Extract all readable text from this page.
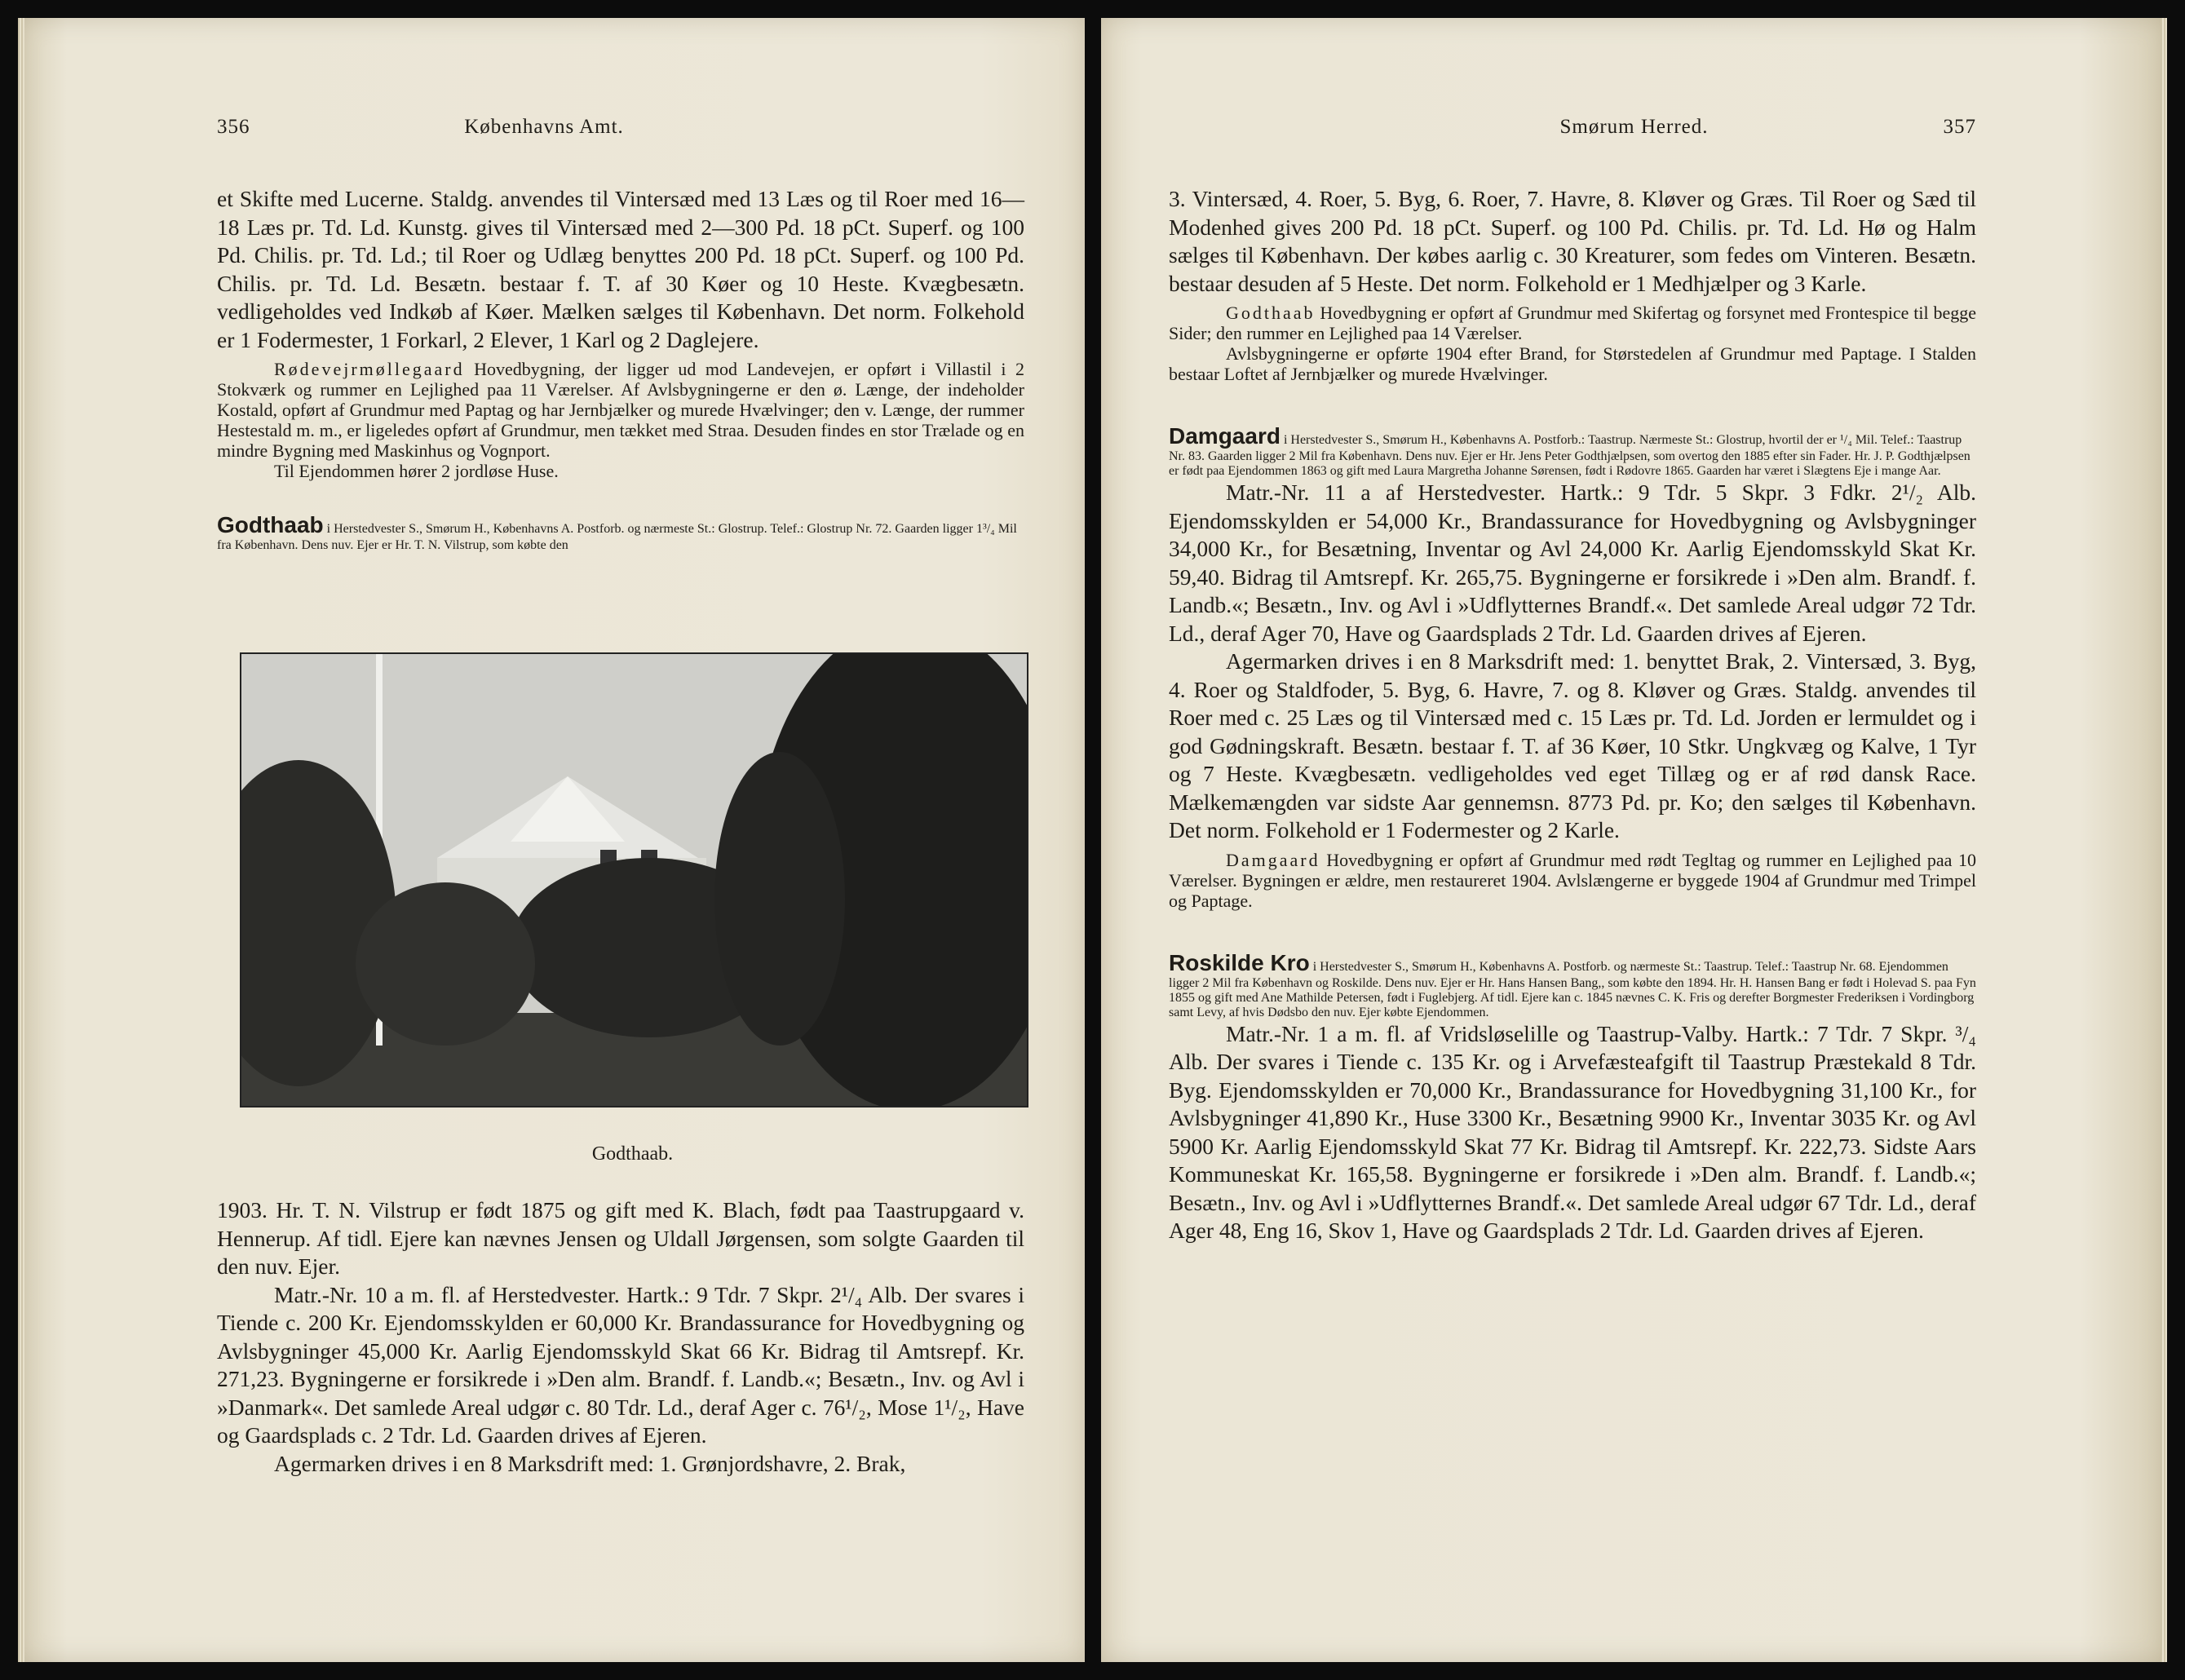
356	Københavns Amt.

et Skifte med Lucerne. Staldg. anvendes til Vintersæd med 13 Læs og til Roer med 16—18 Læs pr. Td. Ld. Kunstg. gives til Vintersæd med 2—300 Pd. 18 pCt. Superf. og 100 Pd. Chilis. pr. Td. Ld.; til Roer og Udlæg benyttes 200 Pd. 18 pCt. Superf. og 100 Pd. Chilis. pr. Td. Ld. Besætn. bestaar f. T. af 30 Køer og 10 Heste. Kvægbesætn. vedligeholdes ved Indkøb af Køer. Mælken sælges til København. Det norm. Folkehold er 1 Fodermester, 1 Forkarl, 2 Elever, 1 Karl og 2 Daglejere.

Rødevejrmøllegaard Hovedbygning, der ligger ud mod Landevejen, er opført i Villastil i 2 Stokværk og rummer en Lejlighed paa 11 Værelser. Af Avlsbygningerne er den ø. Længe, der indeholder Kostald, opført af Grundmur med Paptag og har Jernbjælker og murede Hvælvinger; den v. Længe, der rummer Hestestald m. m., er ligeledes opført af Grundmur, men tækket med Straa. Desuden findes en stor Trælade og en mindre Bygning med Maskinhus og Vognport.

Til Ejendommen hører 2 jordløse Huse.

Godthaab i Herstedvester S., Smørum H., Københavns A. Postforb. og nærmeste St.: Glostrup. Telef.: Glostrup Nr. 72. Gaarden ligger 1³/₄ Mil fra København. Dens nuv. Ejer er Hr. T. N. Vilstrup, som købte den

Godthaab.

1903. Hr. T. N. Vilstrup er født 1875 og gift med K. Blach, født paa Taastrupgaard v. Hennerup. Af tidl. Ejere kan nævnes Jensen og Uldall Jørgensen, som solgte Gaarden til den nuv. Ejer.

Matr.-Nr. 10 a m. fl. af Herstedvester. Hartk.: 9 Tdr. 7 Skpr. 2¹/₄ Alb. Der svares i Tiende c. 200 Kr. Ejendomsskylden er 60,000 Kr. Brandassurance for Hovedbygning og Avlsbygninger 45,000 Kr. Aarlig Ejendomsskyld Skat 66 Kr. Bidrag til Amtsrepf. Kr. 271,23. Bygningerne er forsikrede i »Den alm. Brandf. f. Landb.«; Besætn., Inv. og Avl i »Danmark«. Det samlede Areal udgør c. 80 Tdr. Ld., deraf Ager c. 76¹/₂, Mose 1¹/₂, Have og Gaardsplads c. 2 Tdr. Ld. Gaarden drives af Ejeren.

Agermarken drives i en 8 Marksdrift med: 1. Grønjordshavre, 2. Brak,

Smørum Herred.	357

3. Vintersæd, 4. Roer, 5. Byg, 6. Roer, 7. Havre, 8. Kløver og Græs. Til Roer og Sæd til Modenhed gives 200 Pd. 18 pCt. Superf. og 100 Pd. Chilis. pr. Td. Ld. Hø og Halm sælges til København. Der købes aarlig c. 30 Kreaturer, som fedes om Vinteren. Besætn. bestaar desuden af 5 Heste. Det norm. Folkehold er 1 Medhjælper og 3 Karle.

Godthaab Hovedbygning er opført af Grundmur med Skifertag og forsynet med Frontespice til begge Sider; den rummer en Lejlighed paa 14 Værelser.

Avlsbygningerne er opførte 1904 efter Brand, for Størstedelen af Grundmur med Paptage. I Stalden bestaar Loftet af Jernbjælker og murede Hvælvinger.

Damgaard i Herstedvester S., Smørum H., Københavns A. Postforb.: Taastrup. Nærmeste St.: Glostrup, hvortil der er ¹/₄ Mil. Telef.: Taastrup Nr. 83. Gaarden ligger 2 Mil fra København. Dens nuv. Ejer er Hr. Jens Peter Godthjælpsen, som overtog den 1885 efter sin Fader. Hr. J. P. Godthjælpsen er født paa Ejendommen 1863 og gift med Laura Margretha Johanne Sørensen, født i Rødovre 1865. Gaarden har været i Slægtens Eje i mange Aar.

Matr.-Nr. 11 a af Herstedvester. Hartk.: 9 Tdr. 5 Skpr. 3 Fdkr. 2¹/₂ Alb. Ejendomsskylden er 54,000 Kr., Brandassurance for Hovedbygning og Avlsbygninger 34,000 Kr., for Besætning, Inventar og Avl 24,000 Kr. Aarlig Ejendomsskyld Skat Kr. 59,40. Bidrag til Amtsrepf. Kr. 265,75. Bygningerne er forsikrede i »Den alm. Brandf. f. Landb.«; Besætn., Inv. og Avl i »Udflytternes Brandf.«. Det samlede Areal udgør 72 Tdr. Ld., deraf Ager 70, Have og Gaardsplads 2 Tdr. Ld. Gaarden drives af Ejeren.

Agermarken drives i en 8 Marksdrift med: 1. benyttet Brak, 2. Vintersæd, 3. Byg, 4. Roer og Staldfoder, 5. Byg, 6. Havre, 7. og 8. Kløver og Græs. Staldg. anvendes til Roer med c. 25 Læs og til Vintersæd med c. 15 Læs pr. Td. Ld. Jorden er lermuldet og i god Gødningskraft. Besætn. bestaar f. T. af 36 Køer, 10 Stkr. Ungkvæg og Kalve, 1 Tyr og 7 Heste. Kvægbesætn. vedligeholdes ved eget Tillæg og er af rød dansk Race. Mælkemængden var sidste Aar gennemsn. 8773 Pd. pr. Ko; den sælges til København. Det norm. Folkehold er 1 Fodermester og 2 Karle.

Damgaard Hovedbygning er opført af Grundmur med rødt Tegltag og rummer en Lejlighed paa 10 Værelser. Bygningen er ældre, men restaureret 1904. Avlslængerne er byggede 1904 af Grundmur med Trimpel og Paptage.

Roskilde Kro i Herstedvester S., Smørum H., Københavns A. Postforb. og nærmeste St.: Taastrup. Telef.: Taastrup Nr. 68. Ejendommen ligger 2 Mil fra København og Roskilde. Dens nuv. Ejer er Hr. Hans Hansen Bang,, som købte den 1894. Hr. H. Hansen Bang er født i Holevad S. paa Fyn 1855 og gift med Ane Mathilde Petersen, født i Fuglebjerg. Af tidl. Ejere kan c. 1845 nævnes C. K. Fris og derefter Borgmester Frederiksen i Vordingborg samt Levy, af hvis Dødsbo den nuv. Ejer købte Ejendommen.

Matr.-Nr. 1 a m. fl. af Vridsløselille og Taastrup-Valby. Hartk.: 7 Tdr. 7 Skpr. ³/₄ Alb. Der svares i Tiende c. 135 Kr. og i Arvefæsteafgift til Taastrup Præstekald 8 Tdr. Byg. Ejendomsskylden er 70,000 Kr., Brandassurance for Hovedbygning 31,100 Kr., for Avlsbygninger 41,890 Kr., Huse 3300 Kr., Besætning 9900 Kr., Inventar 3035 Kr. og Avl 5900 Kr. Aarlig Ejendomsskyld Skat 77 Kr. Bidrag til Amtsrepf. Kr. 222,73. Sidste Aars Kommuneskat Kr. 165,58. Bygningerne er forsikrede i »Den alm. Brandf. f. Landb.«; Besætn., Inv. og Avl i »Udflytternes Brandf.«. Det samlede Areal udgør 67 Tdr. Ld., deraf Ager 48, Eng 16, Skov 1, Have og Gaardsplads 2 Tdr. Ld. Gaarden drives af Ejeren.
